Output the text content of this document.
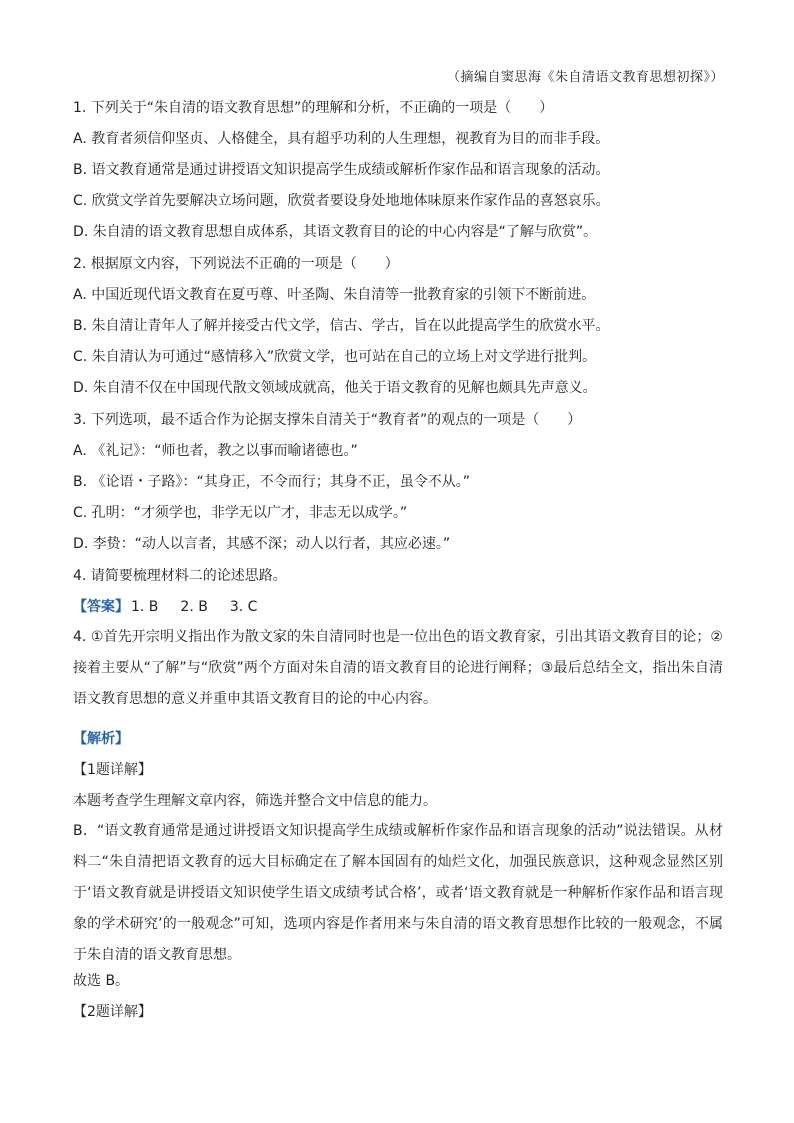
（摘编自窦思海《朱自清语文教育思想初探》）
1. 下列关于“朱自清的语文教育思想”的理解和分析，不正确的一项是（　　）
A. 教育者须信仰坚贞、人格健全，具有超乎功利的人生理想，视教育为目的而非手段。
B. 语文教育通常是通过讲授语文知识提高学生成绩或解析作家作品和语言现象的活动。
C. 欣赏文学首先要解决立场问题，欣赏者要设身处地地体味原来作家作品的喜怒哀乐。
D. 朱自清的语文教育思想自成体系，其语文教育目的论的中心内容是“了解与欣赏”。
2. 根据原文内容，下列说法不正确的一项是（　　）
A. 中国近现代语文教育在夏丏尊、叶圣陶、朱自清等一批教育家的引领下不断前进。
B. 朱自清让青年人了解并接受古代文学，信古、学古，旨在以此提高学生的欣赏水平。
C. 朱自清认为可通过“感情移入”欣赏文学，也可站在自己的立场上对文学进行批判。
D. 朱自清不仅在中国现代散文领域成就高，他关于语文教育的见解也颇具先声意义。
3. 下列选项，最不适合作为论据支撑朱自清关于“教育者”的观点的一项是（　　）
A. 《礼记》：“师也者，教之以事而喻诸德也。”
B. 《论语・子路》：“其身正，不令而行；其身不正，虽令不从。”
C. 孔明：“才须学也，非学无以广才，非志无以成学。”
D. 李贽：“动人以言者，其感不深；动人以行者，其应必速。”
4. 请简要梳理材料二的论述思路。
【答案】 1. B 2. B 3. C
4. ①首先开宗明义指出作为散文家的朱自清同时也是一位出色的语文教育家，引出其语文教育目的论；②接着主要从“了解”与“欣赏”两个方面对朱自清的语文教育目的论进行阐释；③最后总结全文，指出朱自清语文教育思想的意义并重申其语文教育目的论的中心内容。
【解析】
【1题详解】
本题考查学生理解文章内容，筛选并整合文中信息的能力。
B．“语文教育通常是通过讲授语文知识提高学生成绩或解析作家作品和语言现象的活动”说法错误。从材料二“朱自清把语文教育的远大目标确定在了解本国固有的灿烂文化，加强民族意识，这种观念显然区别于‘语文教育就是讲授语文知识使学生语文成绩考试合格’，或者‘语文教育就是一种解析作家作品和语言现象的学术研究’的一般观念”可知，选项内容是作者用来与朱自清的语文教育思想作比较的一般观念，不属于朱自清的语文教育思想。
故选 B。
【2题详解】
